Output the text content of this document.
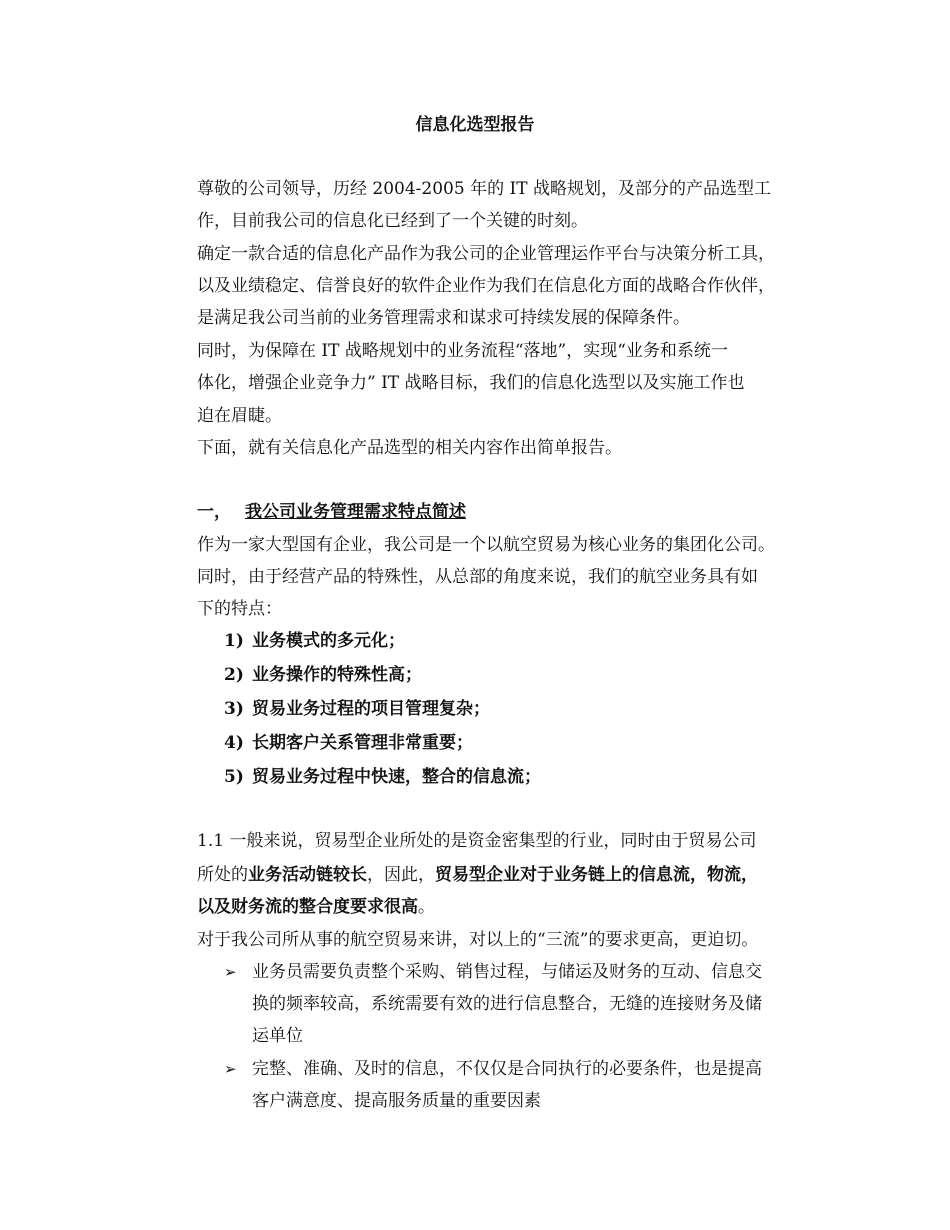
信息化选型报告

尊敬的公司领导，历经 2004-2005 年的 IT 战略规划，及部分的产品选型工

作，目前我公司的信息化已经到了一个关键的时刻。

确定一款合适的信息化产品作为我公司的企业管理运作平台与决策分析工具，

以及业绩稳定、信誉良好的软件企业作为我们在信息化方面的战略合作伙伴，

是满足我公司当前的业务管理需求和谋求可持续发展的保障条件。

同时，为保障在 IT 战略规划中的业务流程“落地”，实现“业务和系统一

体化，增强企业竞争力” IT 战略目标，我们的信息化选型以及实施工作也

迫在眉睫。

下面，就有关信息化产品选型的相关内容作出简单报告。

一， 我公司业务管理需求特点简述

作为一家大型国有企业，我公司是一个以航空贸易为核心业务的集团化公司。

同时，由于经营产品的特殊性，从总部的角度来说，我们的航空业务具有如

下的特点：

1) 业务模式的多元化；

2) 业务操作的特殊性高；

3) 贸易业务过程的项目管理复杂；

4) 长期客户关系管理非常重要；

5) 贸易业务过程中快速，整合的信息流；

1.1 一般来说，贸易型企业所处的是资金密集型的行业，同时由于贸易公司

所处的业务活动链较长，因此，贸易型企业对于业务链上的信息流，物流，

以及财务流的整合度要求很高。

对于我公司所从事的航空贸易来讲，对以上的“三流”的要求更高，更迫切。

➢ 业务员需要负责整个采购、销售过程，与储运及财务的互动、信息交

换的频率较高，系统需要有效的进行信息整合，无缝的连接财务及储

运单位

➢ 完整、准确、及时的信息，不仅仅是合同执行的必要条件，也是提高

客户满意度、提高服务质量的重要因素
